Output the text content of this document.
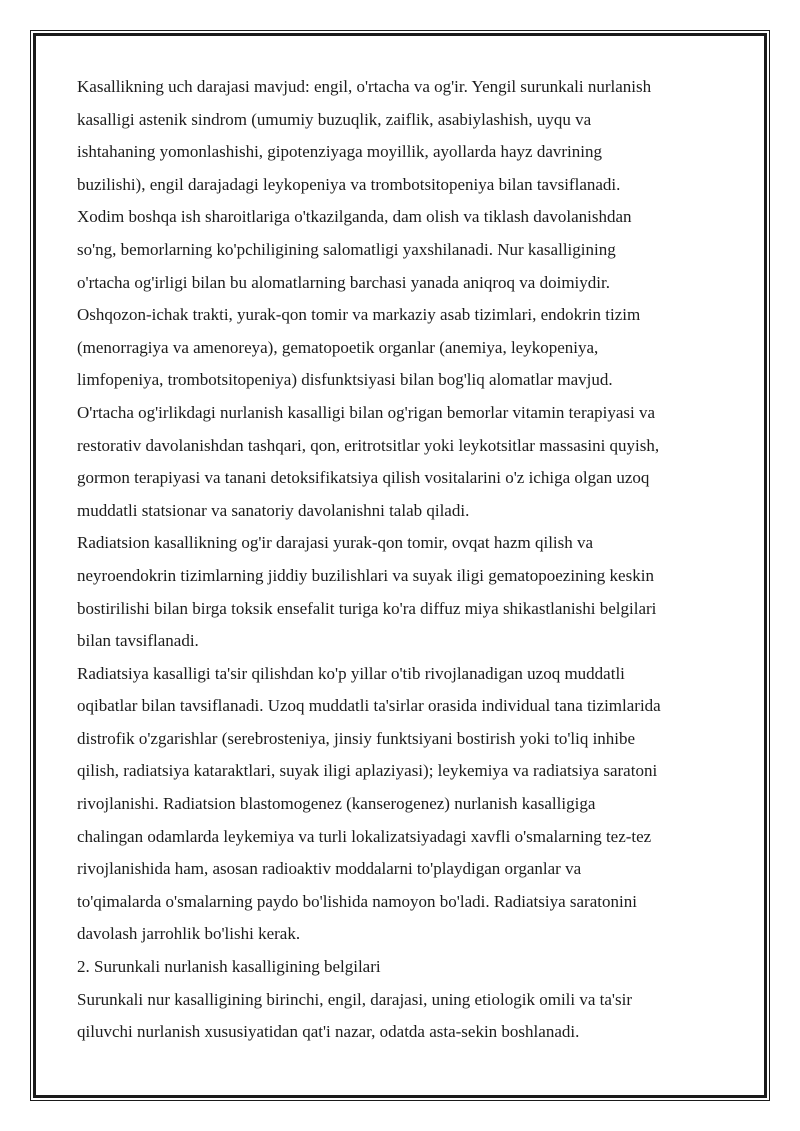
Kasallikning uch darajasi mavjud: engil, o'rtacha va og'ir. Yengil surunkali nurlanish
kasalligi astenik sindrom (umumiy buzuqlik, zaiflik, asabiylashish, uyqu va
ishtahaning yomonlashishi, gipotenziyaga moyillik, ayollarda hayz davrining
buzilishi), engil darajadagi leykopeniya va trombotsitopeniya bilan tavsiflanadi.
Xodim boshqa ish sharoitlariga o'tkazilganda, dam olish va tiklash davolanishdan
so'ng, bemorlarning ko'pchiligining salomatligi yaxshilanadi. Nur kasalligining
o'rtacha og'irligi bilan bu alomatlarning barchasi yanada aniqroq va doimiydir.
Oshqozon-ichak trakti, yurak-qon tomir va markaziy asab tizimlari, endokrin tizim
(menorragiya va amenoreya), gematopoetik organlar (anemiya, leykopeniya,
limfopeniya, trombotsitopeniya) disfunktsiyasi bilan bog'liq alomatlar mavjud.
O'rtacha og'irlikdagi nurlanish kasalligi bilan og'rigan bemorlar vitamin terapiyasi va
restorativ davolanishdan tashqari, qon, eritrotsitlar yoki leykotsitlar massasini quyish,
gormon terapiyasi va tanani detoksifikatsiya qilish vositalarini o'z ichiga olgan uzoq
muddatli statsionar va sanatoriy davolanishni talab qiladi.
Radiatsion kasallikning og'ir darajasi yurak-qon tomir, ovqat hazm qilish va
neyroendokrin tizimlarning jiddiy buzilishlari va suyak iligi gematopoezining keskin
bostirilishi bilan birga toksik ensefalit turiga ko'ra diffuz miya shikastlanishi belgilari
bilan tavsiflanadi.
Radiatsiya kasalligi ta'sir qilishdan ko'p yillar o'tib rivojlanadigan uzoq muddatli
oqibatlar bilan tavsiflanadi. Uzoq muddatli ta'sirlar orasida individual tana tizimlarida
distrofik o'zgarishlar (serebrosteniya, jinsiy funktsiyani bostirish yoki to'liq inhibe
qilish, radiatsiya kataraktlari, suyak iligi aplaziyasi); leykemiya va radiatsiya saratoni
rivojlanishi. Radiatsion blastomogenez (kanserogenez) nurlanish kasalligiga
chalingan odamlarda leykemiya va turli lokalizatsiyadagi xavfli o'smalarning tez-tez
rivojlanishida ham, asosan radioaktiv moddalarni to'playdigan organlar va
to'qimalarda o'smalarning paydo bo'lishida namoyon bo'ladi. Radiatsiya saratonini
davolash jarrohlik bo'lishi kerak.
2. Surunkali nurlanish kasalligining belgilari
Surunkali nur kasalligining birinchi, engil, darajasi, uning etiologik omili va ta'sir
qiluvchi nurlanish xususiyatidan qat'i nazar, odatda asta-sekin boshlanadi.
